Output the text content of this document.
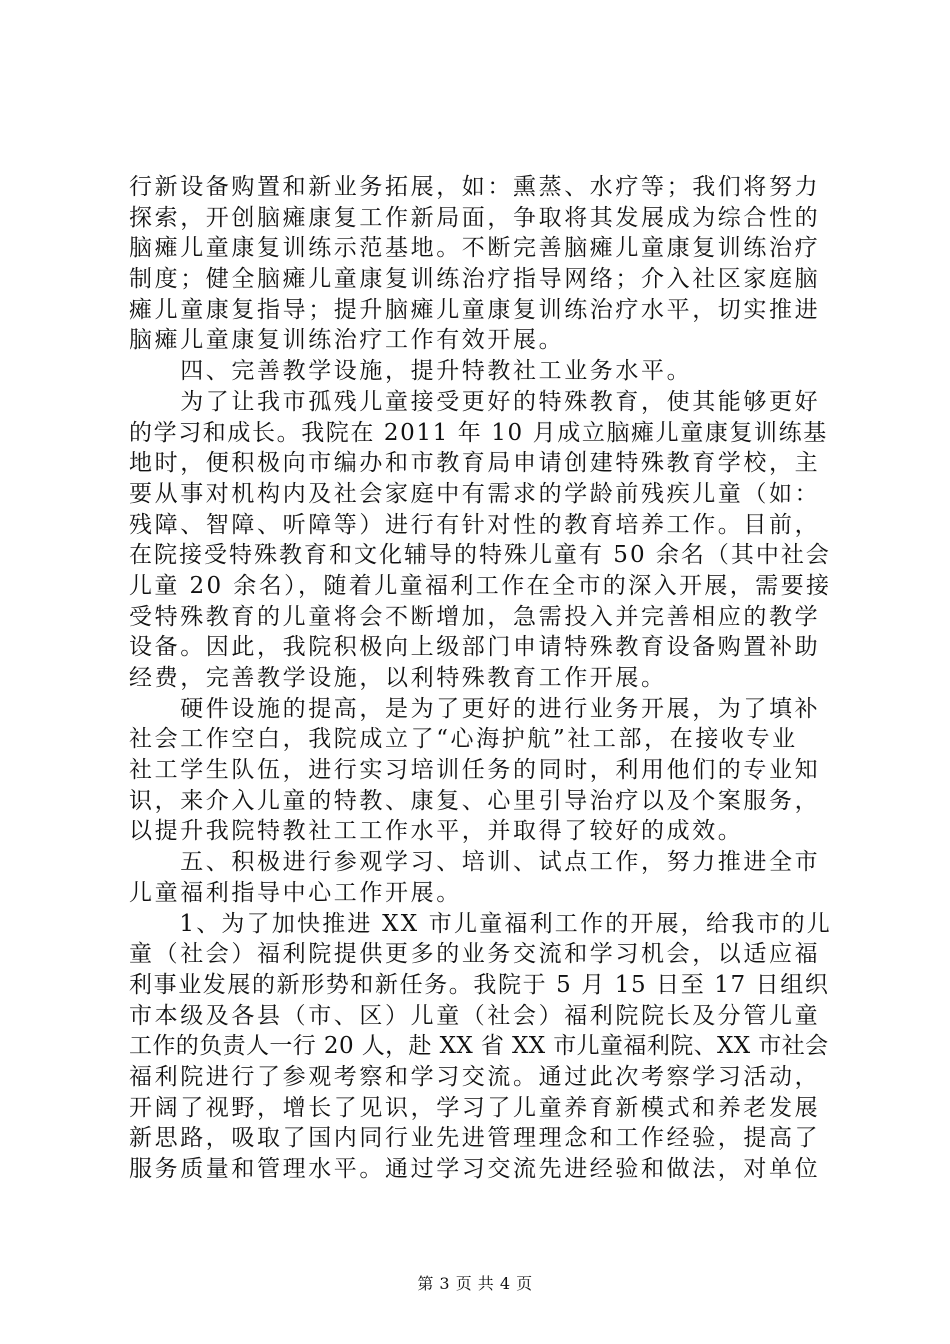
行新设备购置和新业务拓展，如：熏蒸、水疗等；我们将努力
探索，开创脑瘫康复工作新局面，争取将其发展成为综合性的
脑瘫儿童康复训练示范基地。不断完善脑瘫儿童康复训练治疗
制度；健全脑瘫儿童康复训练治疗指导网络；介入社区家庭脑
瘫儿童康复指导；提升脑瘫儿童康复训练治疗水平，切实推进
脑瘫儿童康复训练治疗工作有效开展。
　　四、完善教学设施，提升特教社工业务水平。
　　为了让我市孤残儿童接受更好的特殊教育，使其能够更好
的学习和成长。我院在 2011 年 10 月成立脑瘫儿童康复训练基
地时，便积极向市编办和市教育局申请创建特殊教育学校，主
要从事对机构内及社会家庭中有需求的学龄前残疾儿童（如：
残障、智障、听障等）进行有针对性的教育培养工作。目前，
在院接受特殊教育和文化辅导的特殊儿童有 50 余名（其中社会
儿童 20 余名），随着儿童福利工作在全市的深入开展，需要接
受特殊教育的儿童将会不断增加，急需投入并完善相应的教学
设备。因此，我院积极向上级部门申请特殊教育设备购置补助
经费，完善教学设施，以利特殊教育工作开展。
　　硬件设施的提高，是为了更好的进行业务开展，为了填补
社会工作空白，我院成立了“心海护航”社工部，在接收专业
社工学生队伍，进行实习培训任务的同时，利用他们的专业知
识，来介入儿童的特教、康复、心里引导治疗以及个案服务，
以提升我院特教社工工作水平，并取得了较好的成效。
　　五、积极进行参观学习、培训、试点工作，努力推进全市
儿童福利指导中心工作开展。
　　1、为了加快推进 XX 市儿童福利工作的开展，给我市的儿
童（社会）福利院提供更多的业务交流和学习机会，以适应福
利事业发展的新形势和新任务。我院于 5 月 15 日至 17 日组织
市本级及各县（市、区）儿童（社会）福利院院长及分管儿童
工作的负责人一行 20 人，赴 XX 省 XX 市儿童福利院、XX 市社会
福利院进行了参观考察和学习交流。通过此次考察学习活动，
开阔了视野，增长了见识，学习了儿童养育新模式和养老发展
新思路，吸取了国内同行业先进管理理念和工作经验，提高了
服务质量和管理水平。通过学习交流先进经验和做法，对单位
第 3 页 共 4 页
